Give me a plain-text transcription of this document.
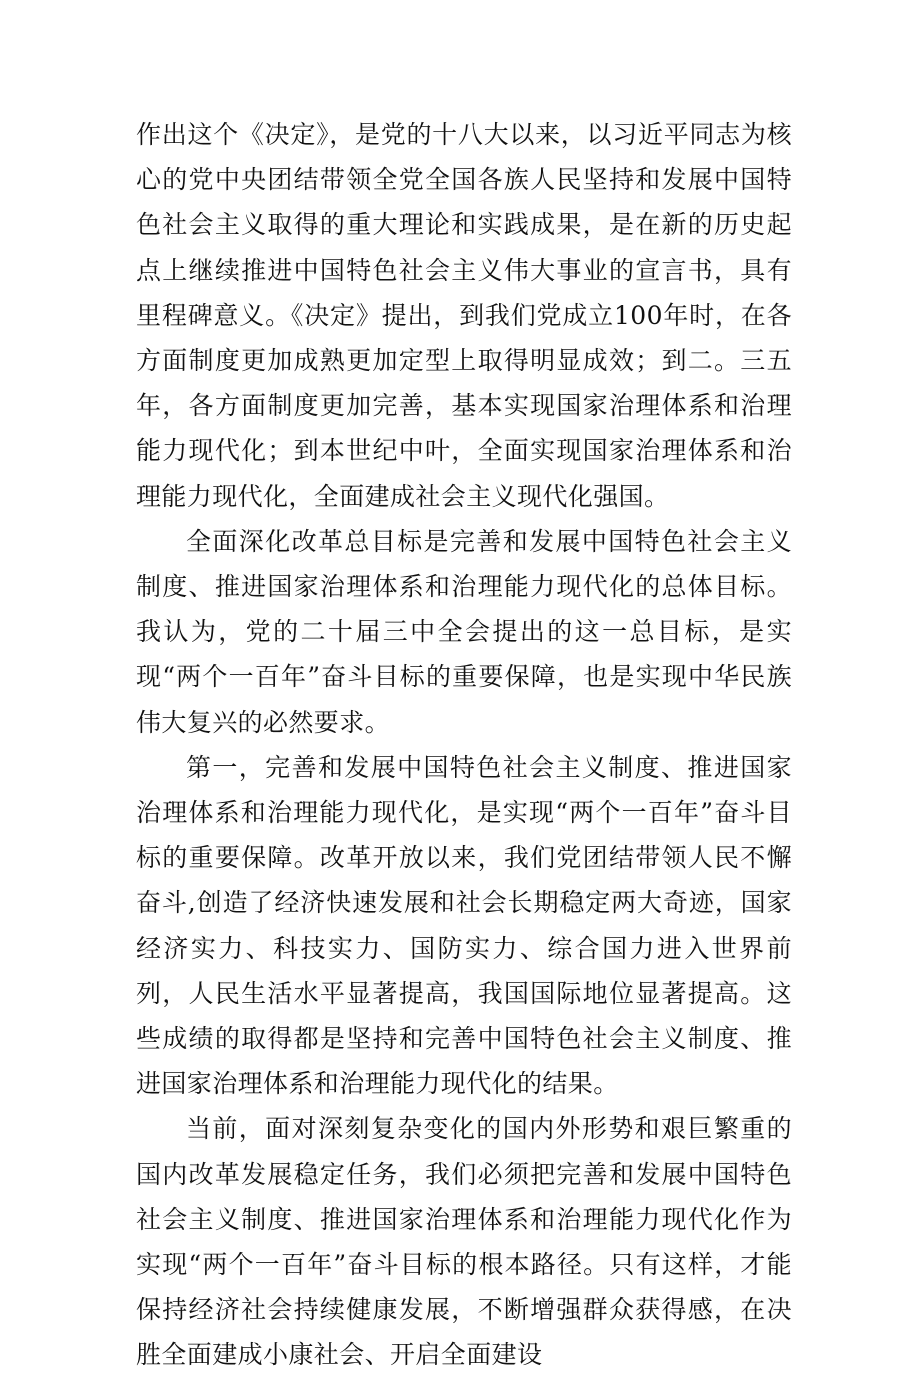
作出这个《决定》，是党的十八大以来，以习近平同志为核心的党中央团结带领全党全国各族人民坚持和发展中国特色社会主义取得的重大理论和实践成果，是在新的历史起点上继续推进中国特色社会主义伟大事业的宣言书，具有里程碑意义。《决定》提出，到我们党成立100年时，在各方面制度更加成熟更加定型上取得明显成效；到二。三五年，各方面制度更加完善，基本实现国家治理体系和治理能力现代化；到本世纪中叶，全面实现国家治理体系和治理能力现代化，全面建成社会主义现代化强国。

全面深化改革总目标是完善和发展中国特色社会主义制度、推进国家治理体系和治理能力现代化的总体目标。我认为，党的二十届三中全会提出的这一总目标，是实现“两个一百年”奋斗目标的重要保障，也是实现中华民族伟大复兴的必然要求。

第一，完善和发展中国特色社会主义制度、推进国家治理体系和治理能力现代化，是实现“两个一百年”奋斗目标的重要保障。改革开放以来，我们党团结带领人民不懈奋斗,创造了经济快速发展和社会长期稳定两大奇迹，国家经济实力、科技实力、国防实力、综合国力进入世界前列，人民生活水平显著提高，我国国际地位显著提高。这些成绩的取得都是坚持和完善中国特色社会主义制度、推进国家治理体系和治理能力现代化的结果。

当前，面对深刻复杂变化的国内外形势和艰巨繁重的国内改革发展稳定任务，我们必须把完善和发展中国特色社会主义制度、推进国家治理体系和治理能力现代化作为实现“两个一百年”奋斗目标的根本路径。只有这样，才能保持经济社会持续健康发展，不断增强群众获得感，在决胜全面建成小康社会、开启全面建设
